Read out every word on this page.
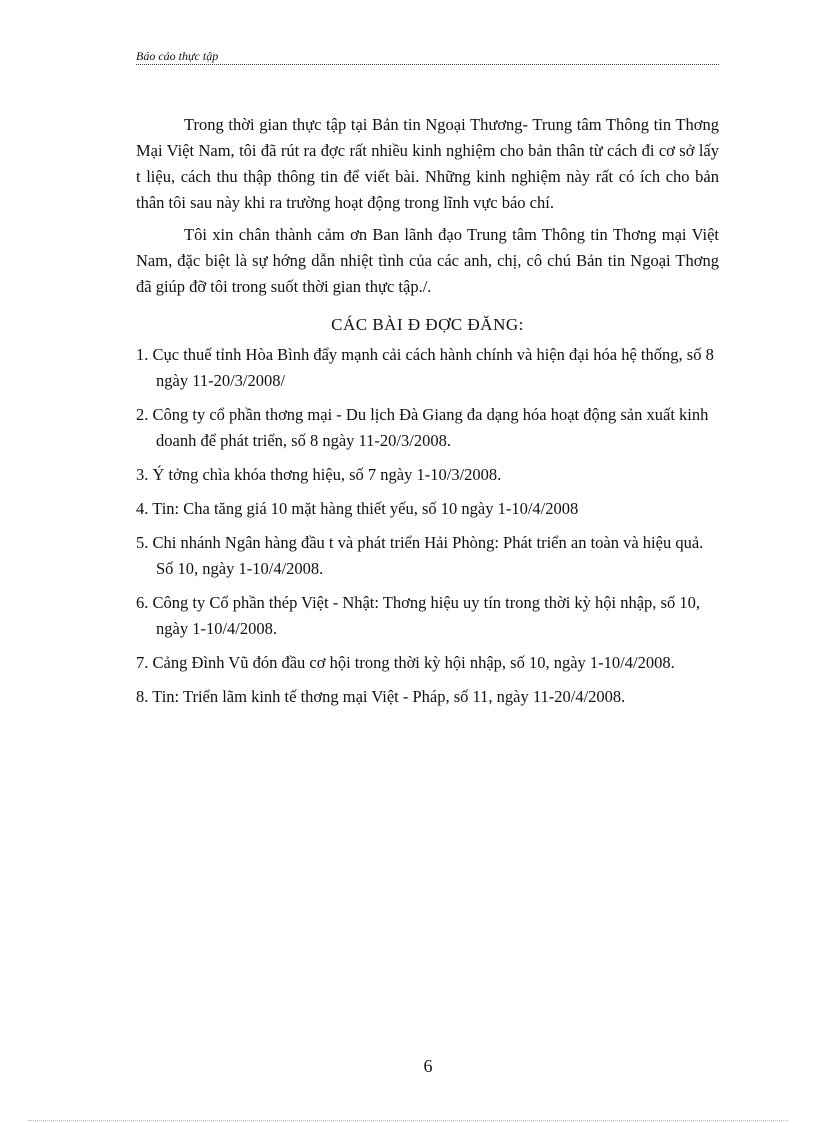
Báo cáo thực tập

Trong thời gian thực tập tại Bản tin Ngoại Thương- Trung tâm Thông tin Thơng Mại Việt Nam, tôi đã rút ra đợc rất nhiều kinh nghiệm cho bản thân từ cách đi cơ sở lấy t liệu, cách thu thập thông tin để viết bài. Những kinh nghiệm này rất có ích cho bản thân tôi sau này khi ra trường hoạt động trong lĩnh vực báo chí.

Tôi xin chân thành cảm ơn Ban lãnh đạo Trung tâm Thông tin Thơng mại Việt Nam, đặc biệt là sự hớng dẫn nhiệt tình của các anh, chị, cô chú Bản tin Ngoại Thơng đã giúp đỡ tôi trong suốt thời gian thực tập./.

CÁC BÀI Đ ĐỢC ĐĂNG:
1. Cục thuế tỉnh Hòa Bình đẩy mạnh cải cách hành chính và hiện đại hóa hệ thống, số 8 ngày 11-20/3/2008/
2. Công ty cổ phần thơng mại - Du lịch Đà Giang đa dạng hóa hoạt động sản xuất kinh doanh để phát triển, số 8 ngày 11-20/3/2008.
3. Ý tởng chìa khóa thơng hiệu, số 7 ngày 1-10/3/2008.
4. Tin: Cha tăng giá 10 mặt hàng thiết yếu, số 10 ngày 1-10/4/2008
5. Chi nhánh Ngân hàng đầu t và phát triển Hải Phòng: Phát triển an toàn và hiệu quả. Số 10, ngày 1-10/4/2008.
6. Công ty Cổ phần thép Việt - Nhật: Thơng hiệu uy tín trong thời kỳ hội nhập, số 10, ngày 1-10/4/2008.
7. Cảng Đình Vũ đón đầu cơ hội trong thời kỳ hội nhập, số 10, ngày 1-10/4/2008.
8. Tin: Triển lãm kinh tế thơng mại Việt - Pháp, số 11, ngày 11-20/4/2008.
6
